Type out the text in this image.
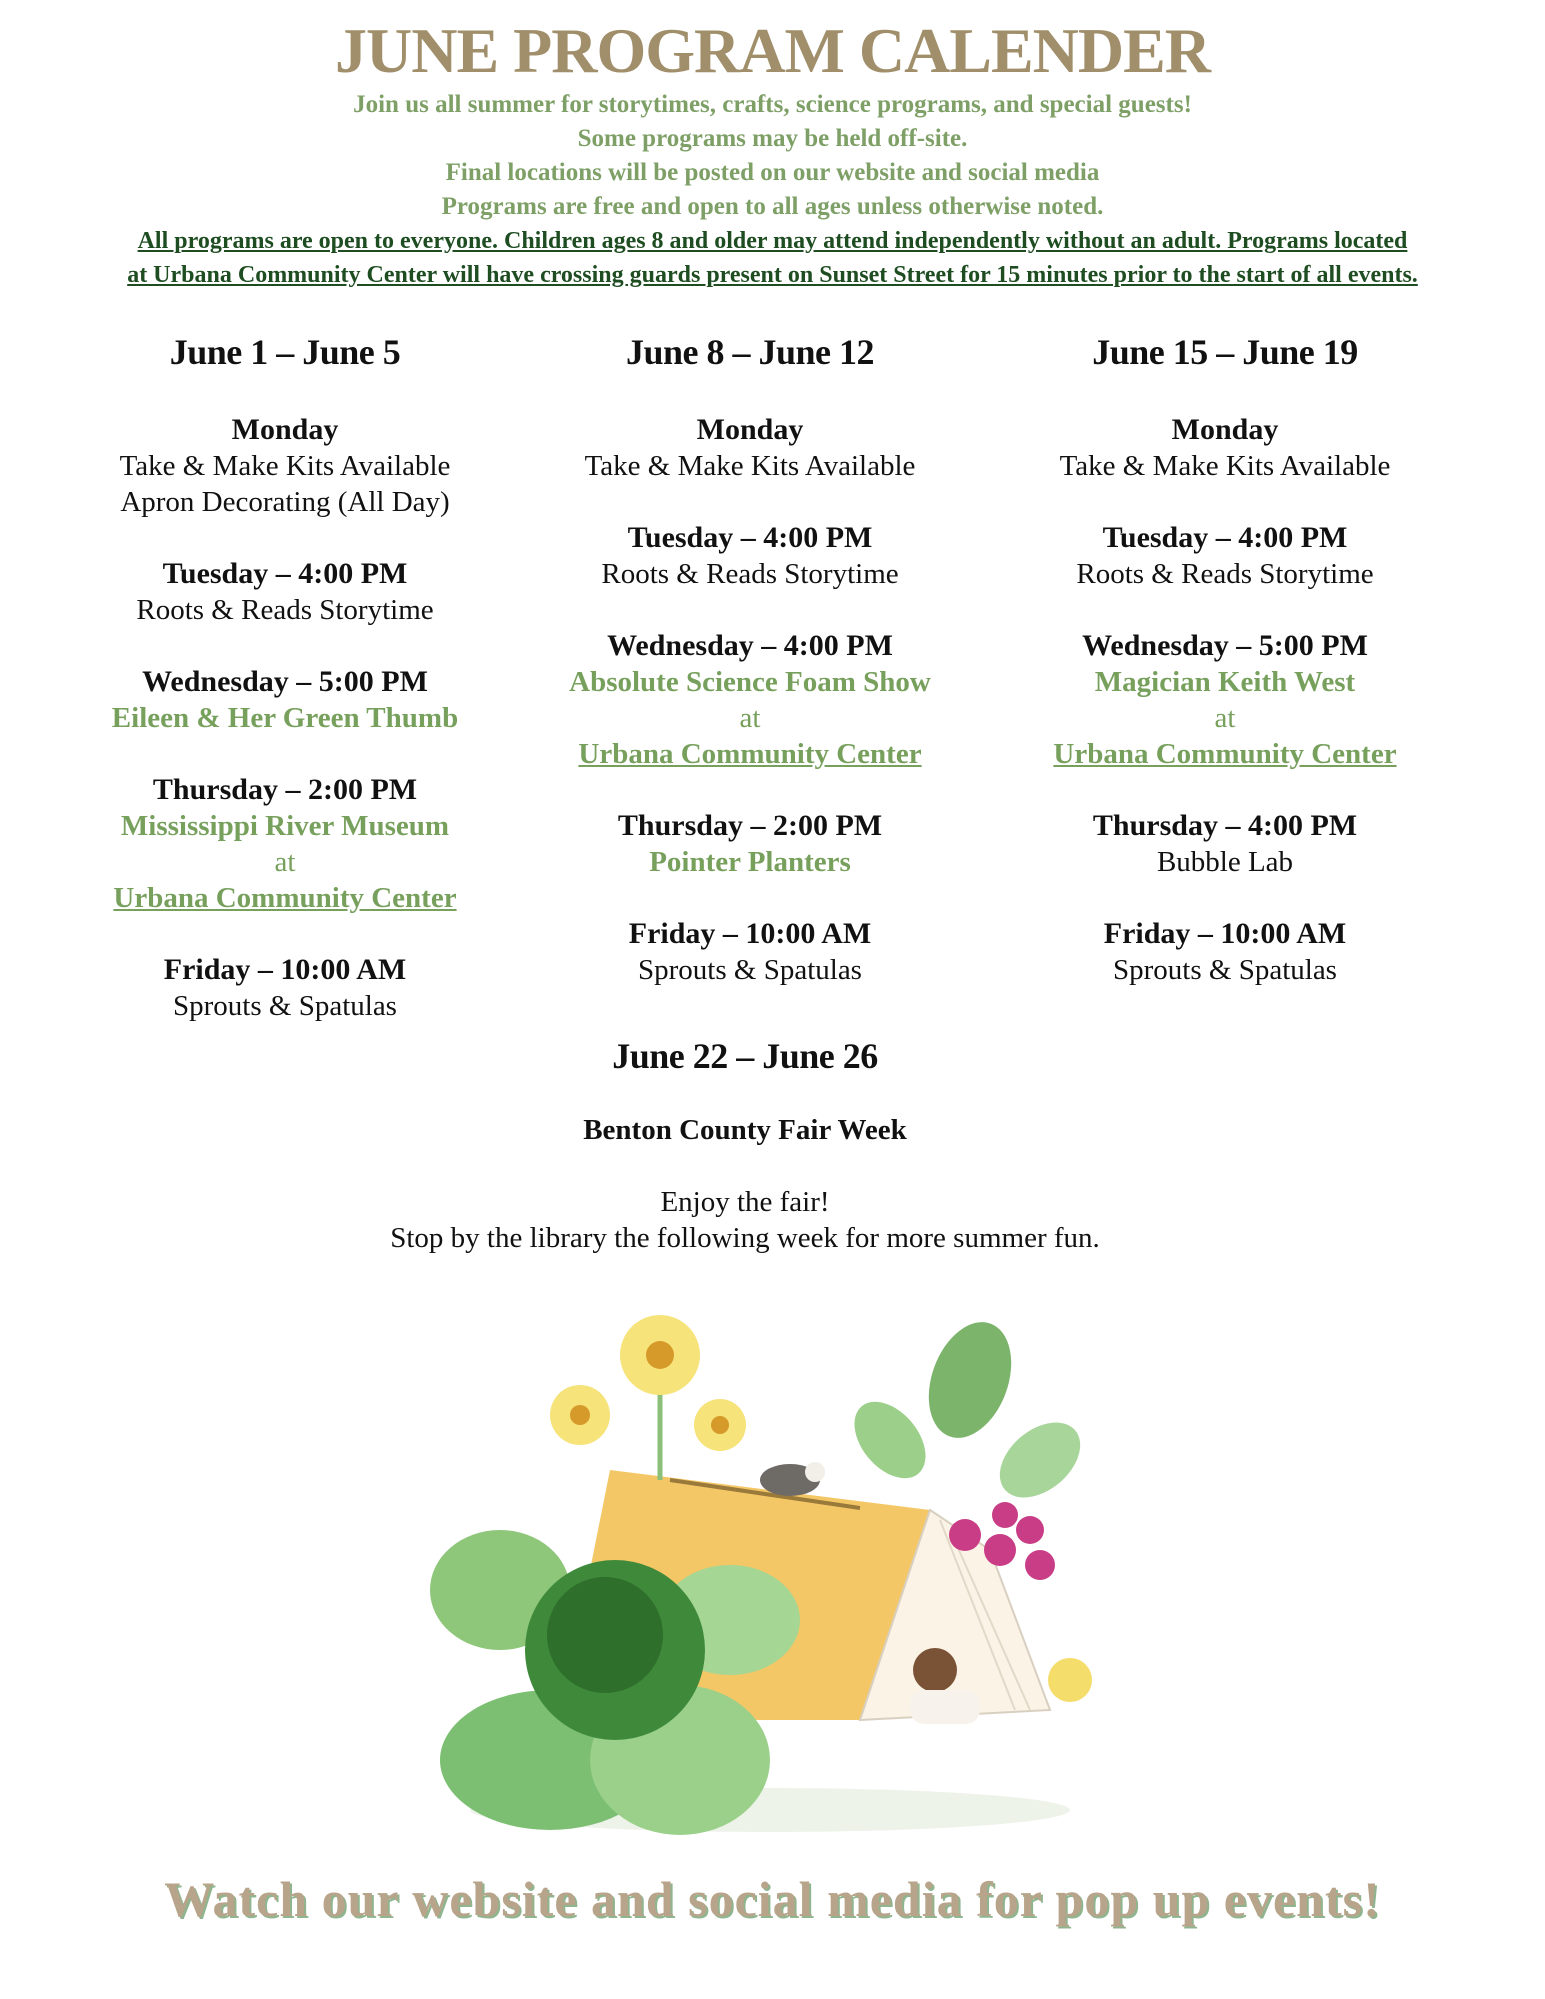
JUNE PROGRAM CALENDER
Join us all summer for storytimes, crafts, science programs, and special guests!
Some programs may be held off-site.
Final locations will be posted on our website and social media
Programs are free and open to all ages unless otherwise noted.
All programs are open to everyone. Children ages 8 and older may attend independently without an adult. Programs located
at Urbana Community Center will have crossing guards present on Sunset Street for 15 minutes prior to the start of all events.
June 1 – June 5
Monday
Take & Make Kits Available
Apron Decorating (All Day)
Tuesday – 4:00 PM
Roots & Reads Storytime
Wednesday – 5:00 PM
Eileen & Her Green Thumb
Thursday – 2:00 PM
Mississippi River Museum
at
Urbana Community Center
Friday – 10:00 AM
Sprouts & Spatulas
June 8 – June 12
Monday
Take & Make Kits Available
Tuesday – 4:00 PM
Roots & Reads Storytime
Wednesday – 4:00 PM
Absolute Science Foam Show
at
Urbana Community Center
Thursday – 2:00 PM
Pointer Planters
Friday – 10:00 AM
Sprouts & Spatulas
June 15 – June 19
Monday
Take & Make Kits Available
Tuesday – 4:00 PM
Roots & Reads Storytime
Wednesday – 5:00 PM
Magician Keith West
at
Urbana Community Center
Thursday – 4:00 PM
Bubble Lab
Friday – 10:00 AM
Sprouts & Spatulas
June 22 – June 26
Benton County Fair Week
Enjoy the fair!
Stop by the library the following week for more summer fun.
Watch our website and social media for pop up events!
